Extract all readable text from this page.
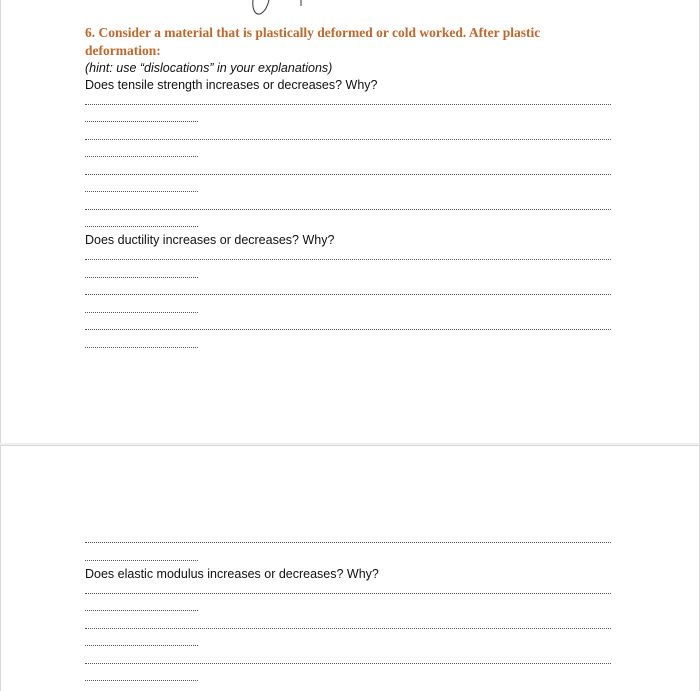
6. Consider a material that is plastically deformed or cold worked. After plastic deformation:

(hint: use “dislocations” in your explanations)

Does tensile strength increases or decreases? Why?

Does ductility increases or decreases? Why?

Does elastic modulus increases or decreases? Why?
